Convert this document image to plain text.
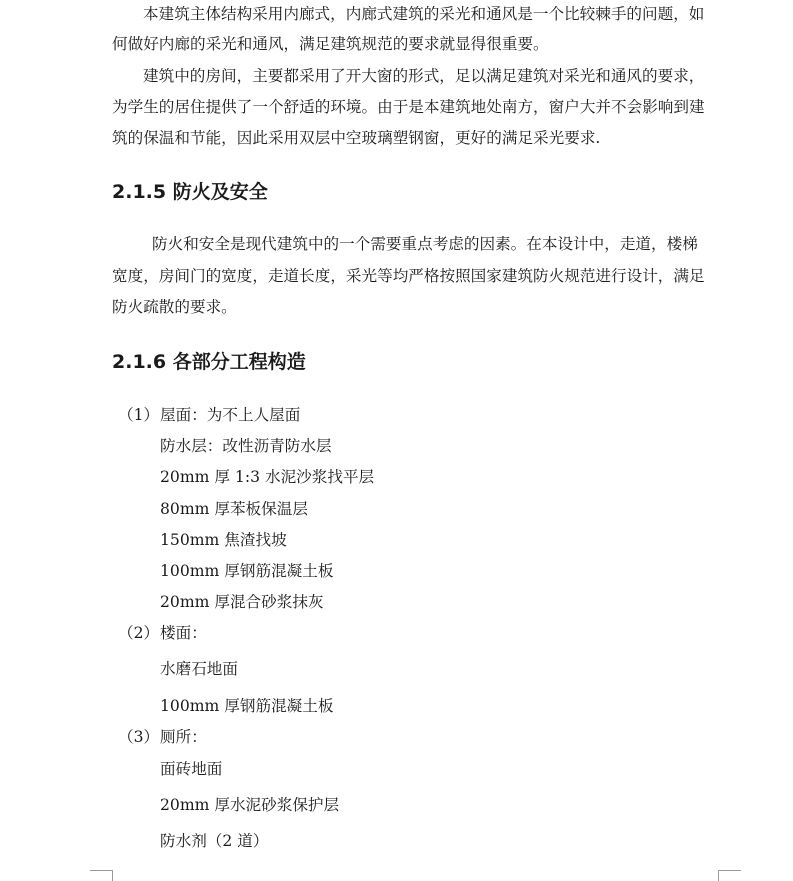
本建筑主体结构采用内廊式，内廊式建筑的采光和通风是一个比较棘手的问题，如
何做好内廊的采光和通风，满足建筑规范的要求就显得很重要。
建筑中的房间，主要都采用了开大窗的形式，足以满足建筑对采光和通风的要求，
为学生的居住提供了一个舒适的环境。由于是本建筑地处南方，窗户大并不会影响到建
筑的保温和节能，因此采用双层中空玻璃塑钢窗，更好的满足采光要求.
2.1.5 防火及安全
防火和安全是现代建筑中的一个需要重点考虑的因素。在本设计中，走道，楼梯
宽度，房间门的宽度，走道长度，采光等均严格按照国家建筑防火规范进行设计，满足
防火疏散的要求。
2.1.6 各部分工程构造
（1） 屋面：为不上人屋面
防水层：改性沥青防水层
20mm 厚 1:3 水泥沙浆找平层
80mm 厚苯板保温层
150mm 焦渣找坡
100mm 厚钢筋混凝土板
20mm 厚混合砂浆抹灰
（2） 楼面：
水磨石地面
100mm 厚钢筋混凝土板
（3） 厕所：
面砖地面
20mm 厚水泥砂浆保护层
防水剂（2 道）
